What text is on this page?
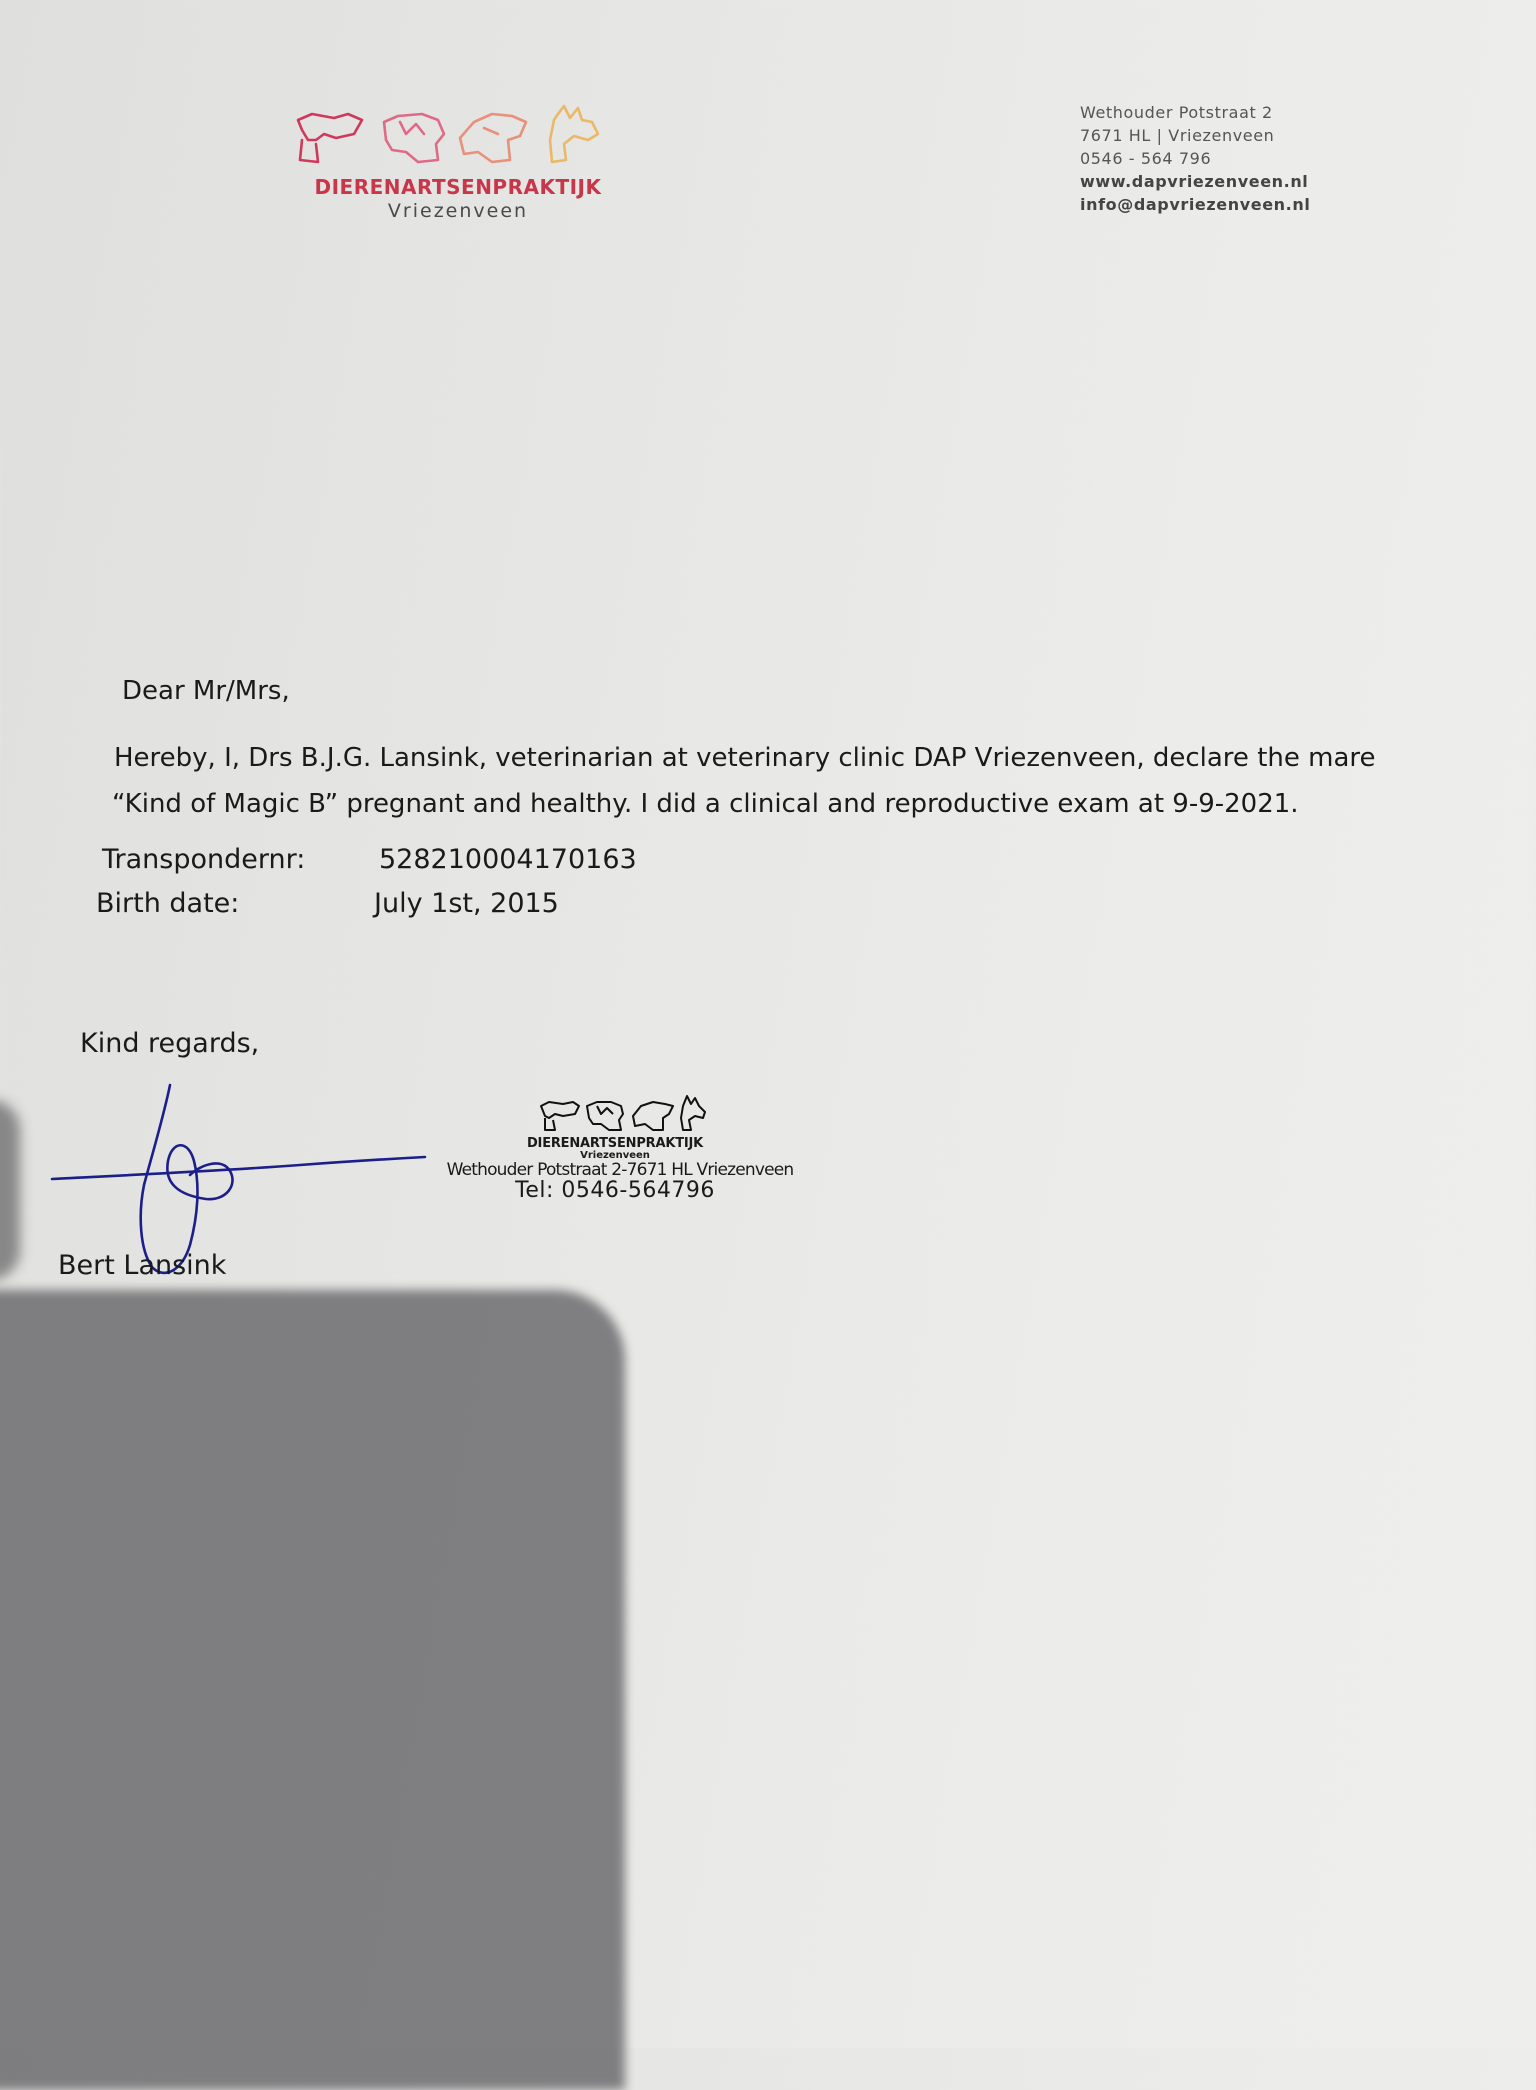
DIERENARTSENPRAKTIJK
Vriezenveen
Wethouder Potstraat 2
7671 HL | Vriezenveen
0546 - 564 796
www.dapvriezenveen.nl
info@dapvriezenveen.nl
Dear Mr/Mrs,

Hereby, I, Drs B.J.G. Lansink, veterinarian at veterinary clinic DAP Vriezenveen, declare the mare

“Kind of Magic B” pregnant and healthy. I did a clinical and reproductive exam at 9-9-2021.

Transpondernr:	528210004170163
Birth date:	July 1st, 2015
Kind regards,
DIERENARTSENPRAKTIJK
Vriezenveen
Wethouder Potstraat 2-7671 HL Vriezenveen
Tel: 0546-564796
Bert Lansink
